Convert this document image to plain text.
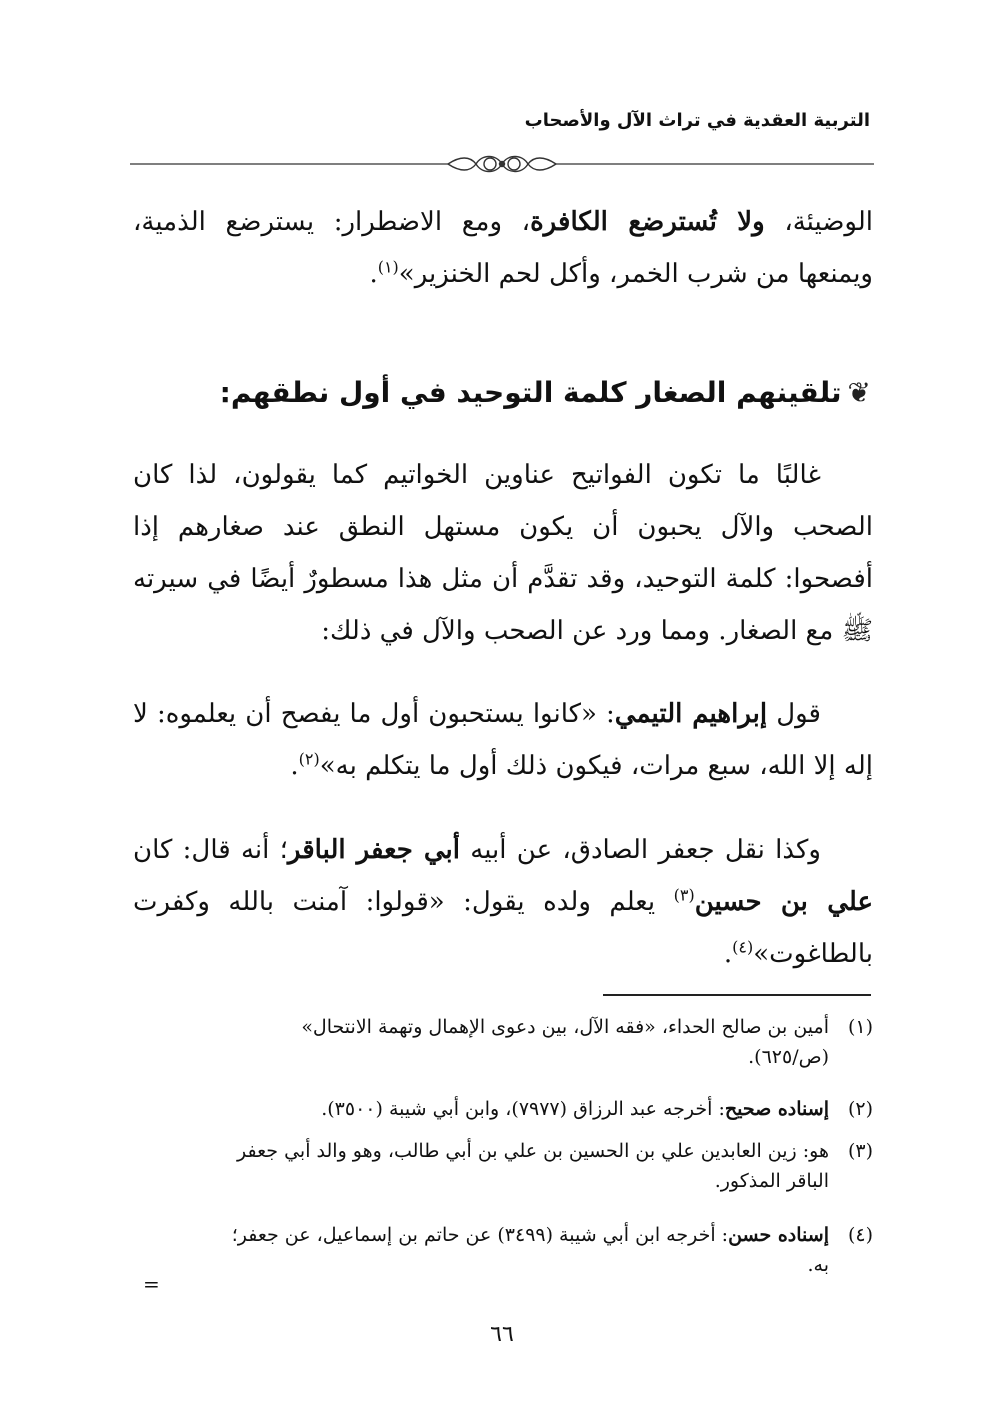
التربية العقدية في تراث الآل والأصحاب
الوضيئة، ولا تُسترضع الكافرة، ومع الاضطرار: يسترضع الذمية، ويمنعها من شرب الخمر، وأكل لحم الخنزير»$^{(١)}$.
❦تلقينهم الصغار كلمة التوحيد في أول نطقهم:
غالبًا ما تكون الفواتيح عناوين الخواتيم كما يقولون، لذا كان الصحب والآل يحبون أن يكون مستهل النطق عند صغارهم إذا أفصحوا: كلمة التوحيد، وقد تقدَّم أن مثل هذا مسطورٌ أيضًا في سيرته ﷺ مع الصغار. ومما ورد عن الصحب والآل في ذلك:
قول إبراهيم التيمي: «كانوا يستحبون أول ما يفصح أن يعلموه: لا إله إلا الله، سبع مرات، فيكون ذلك أول ما يتكلم به»$^{(٢)}$.
وكذا نقل جعفر الصادق، عن أبيه أبي جعفر الباقر؛ أنه قال: كان علي بن حسين$^{(٣)}$ يعلم ولده يقول: «قولوا: آمنت بالله وكفرت بالطاغوت»$^{(٤)}$.
(١)أمين بن صالح الحداء، «فقه الآل، بين دعوى الإهمال وتهمة الانتحال»
(ص/٦٢٥).
(٢)إسناده صحيح: أخرجه عبد الرزاق (٧٩٧٧)، وابن أبي شيبة (٣٥٠٠).
(٣)هو: زين العابدين علي بن الحسين بن علي بن أبي طالب، وهو والد أبي جعفر
الباقر المذكور.
(٤)إسناده حسن: أخرجه ابن أبي شيبة (٣٤٩٩) عن حاتم بن إسماعيل، عن جعفر؛
به.
=
٦٦
